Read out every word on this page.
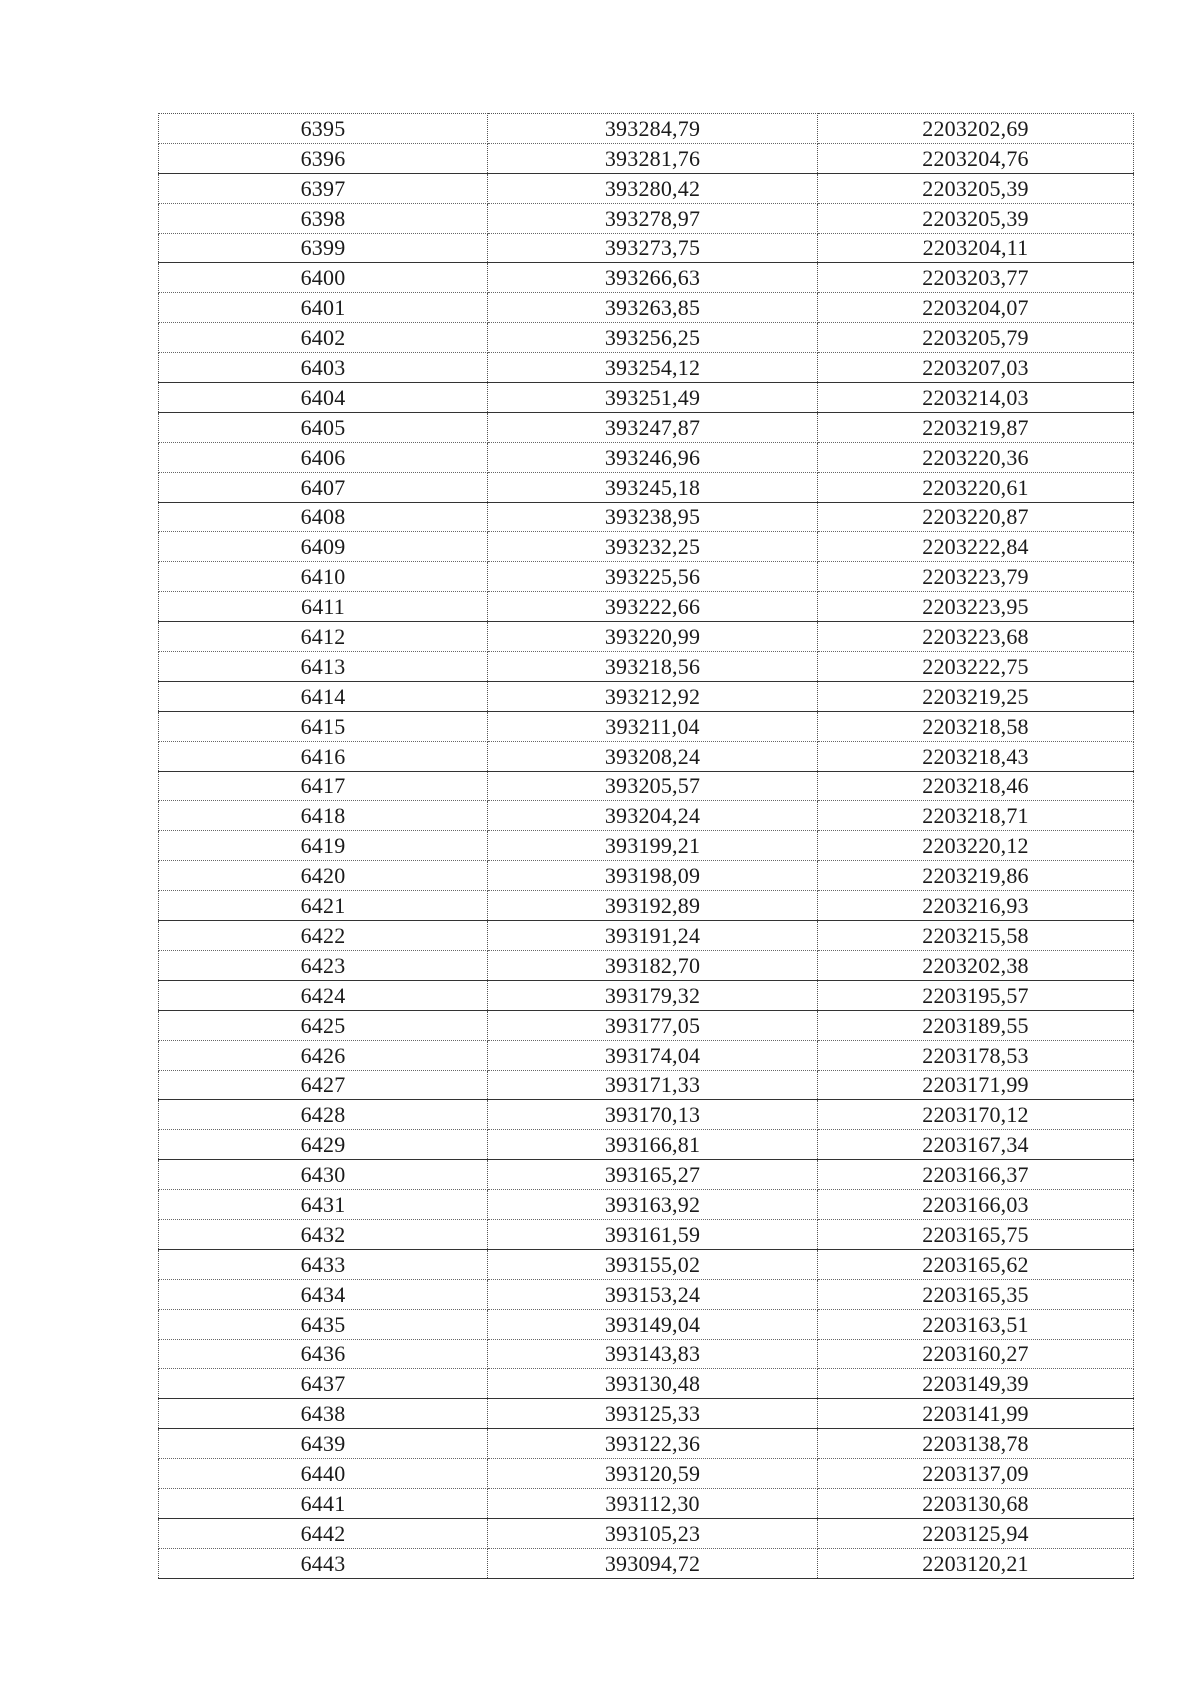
6395	393284,79	2203202,69
6396	393281,76	2203204,76
6397	393280,42	2203205,39
6398	393278,97	2203205,39
6399	393273,75	2203204,11
6400	393266,63	2203203,77
6401	393263,85	2203204,07
6402	393256,25	2203205,79
6403	393254,12	2203207,03
6404	393251,49	2203214,03
6405	393247,87	2203219,87
6406	393246,96	2203220,36
6407	393245,18	2203220,61
6408	393238,95	2203220,87
6409	393232,25	2203222,84
6410	393225,56	2203223,79
6411	393222,66	2203223,95
6412	393220,99	2203223,68
6413	393218,56	2203222,75
6414	393212,92	2203219,25
6415	393211,04	2203218,58
6416	393208,24	2203218,43
6417	393205,57	2203218,46
6418	393204,24	2203218,71
6419	393199,21	2203220,12
6420	393198,09	2203219,86
6421	393192,89	2203216,93
6422	393191,24	2203215,58
6423	393182,70	2203202,38
6424	393179,32	2203195,57
6425	393177,05	2203189,55
6426	393174,04	2203178,53
6427	393171,33	2203171,99
6428	393170,13	2203170,12
6429	393166,81	2203167,34
6430	393165,27	2203166,37
6431	393163,92	2203166,03
6432	393161,59	2203165,75
6433	393155,02	2203165,62
6434	393153,24	2203165,35
6435	393149,04	2203163,51
6436	393143,83	2203160,27
6437	393130,48	2203149,39
6438	393125,33	2203141,99
6439	393122,36	2203138,78
6440	393120,59	2203137,09
6441	393112,30	2203130,68
6442	393105,23	2203125,94
6443	393094,72	2203120,21
